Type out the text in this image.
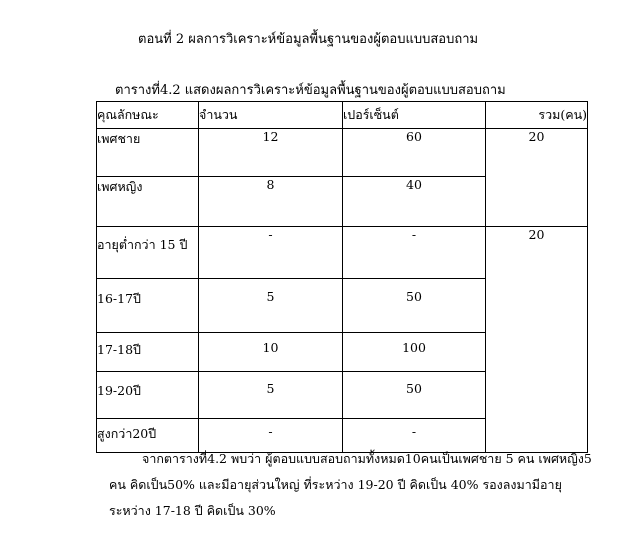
ตอนที่ 2 ผลการวิเคราะห์ข้อมูลพื้นฐานของผู้ตอบแบบสอบถาม
ตารางที่4.2 แสดงผลการวิเคราะห์ข้อมูลพื้นฐานของผู้ตอบแบบสอบถาม
คุณลักษณะ	จำนวน	เปอร์เซ็นต์	รวม(คน)
เพศชาย	12	60	20
เพศหญิง	8	40	
อายุต่ำกว่า 15 ปี	-	-	20
16-17ปี	5	50	
17-18ปี	10	100	
19-20ปี	5	50	
สูงกว่า20ปี	-	-	
จากตารางที่4.2 พบว่า ผู้ตอบแบบสอบถามทั้งหมด10คนเป็นเพศชาย 5 คน เพศหญิง5
คน คิดเป็น50% และมีอายุส่วนใหญ่ ที่ระหว่าง 19-20 ปี คิดเป็น 40% รองลงมามีอายุ
ระหว่าง 17-18 ปี คิดเป็น 30%
